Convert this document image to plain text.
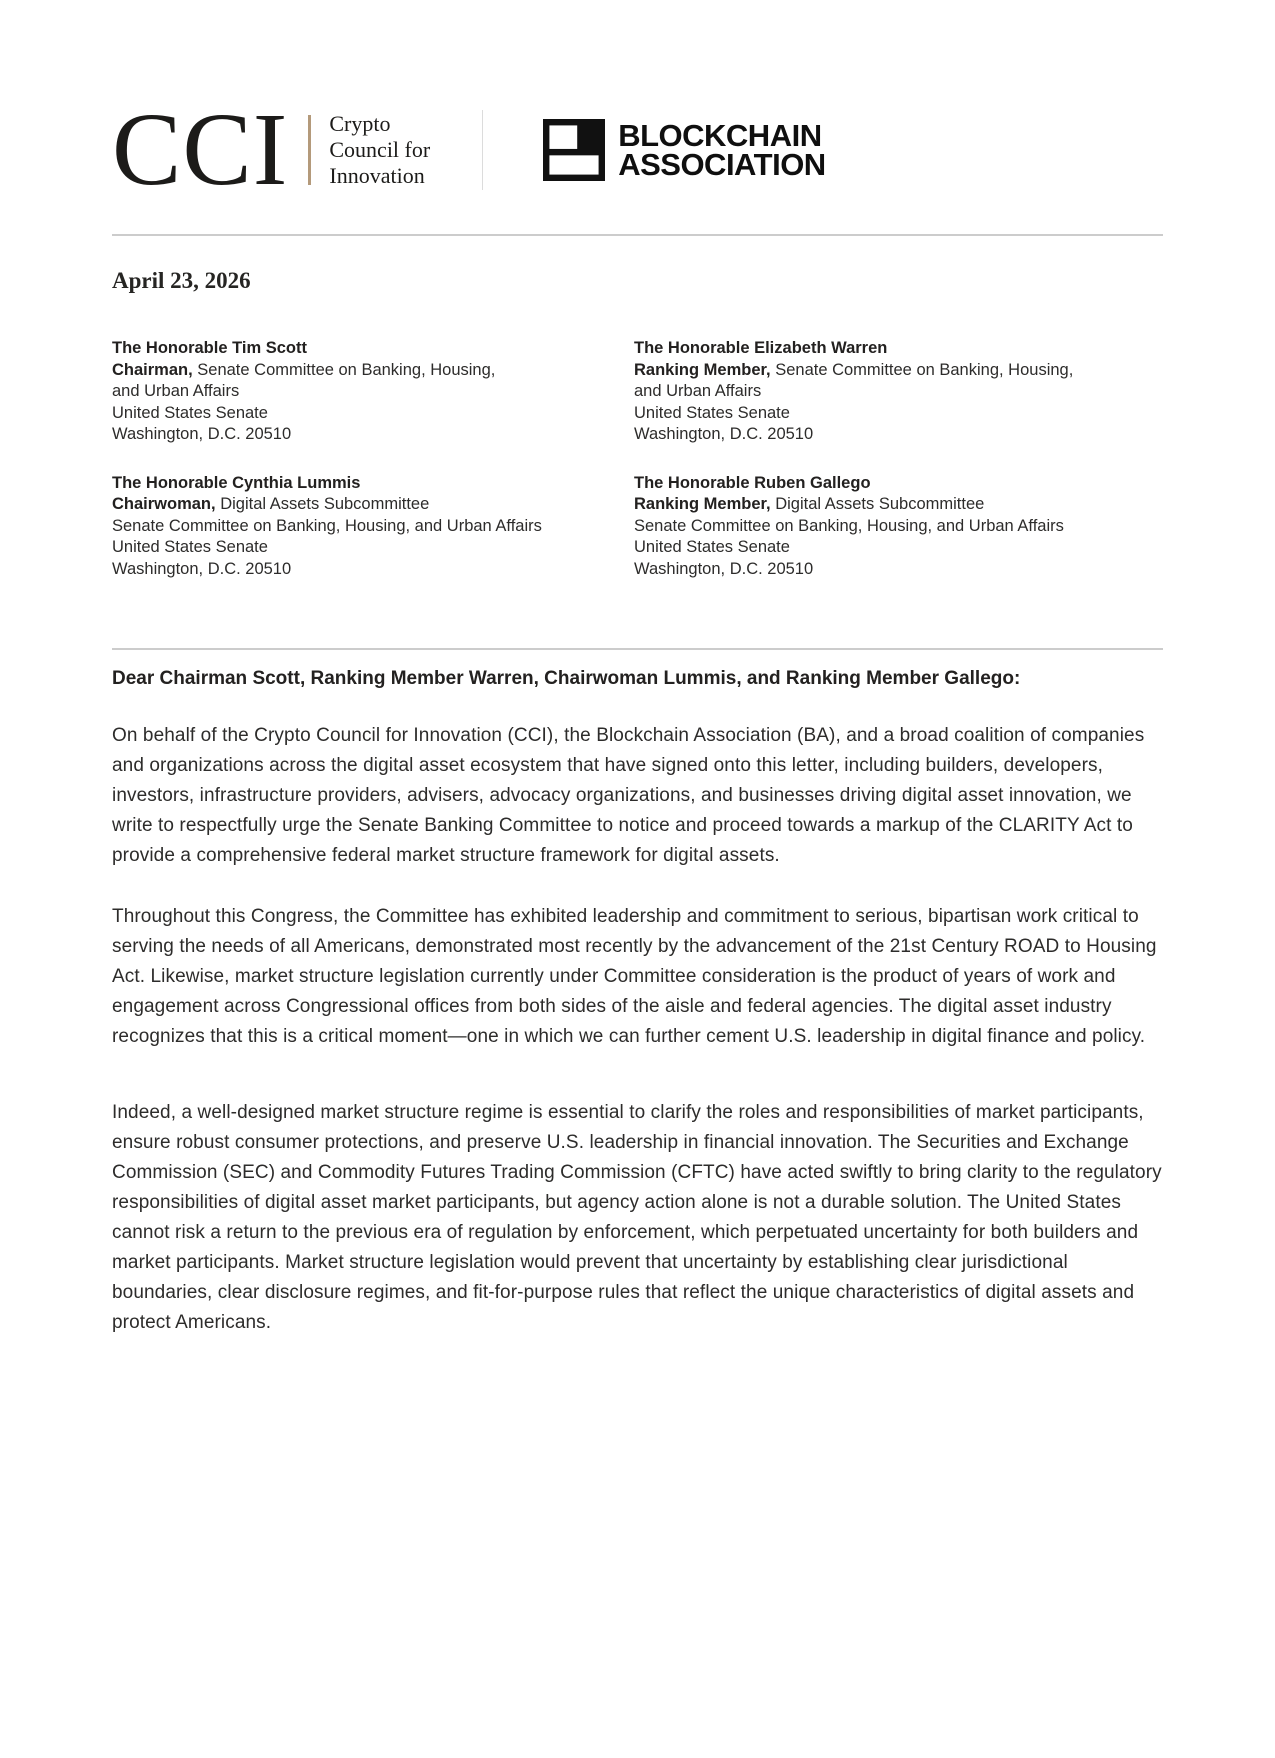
CCI Crypto
Council for
Innovation
BLOCKCHAIN
ASSOCIATION
April 23, 2026
The Honorable Tim Scott
Chairman, Senate Committee on Banking, Housing,
and Urban Affairs
United States Senate
Washington, D.C. 20510
The Honorable Elizabeth Warren
Ranking Member, Senate Committee on Banking, Housing,
and Urban Affairs
United States Senate
Washington, D.C. 20510
The Honorable Cynthia Lummis
Chairwoman, Digital Assets Subcommittee
Senate Committee on Banking, Housing, and Urban Affairs
United States Senate
Washington, D.C. 20510
The Honorable Ruben Gallego
Ranking Member, Digital Assets Subcommittee
Senate Committee on Banking, Housing, and Urban Affairs
United States Senate
Washington, D.C. 20510

Dear Chairman Scott, Ranking Member Warren, Chairwoman Lummis, and Ranking Member Gallego:

On behalf of the Crypto Council for Innovation (CCI), the Blockchain Association (BA), and a broad coalition of companies and organizations across the digital asset ecosystem that have signed onto this letter, including builders, developers, investors, infrastructure providers, advisers, advocacy organizations, and businesses driving digital asset innovation, we write to respectfully urge the Senate Banking Committee to notice and proceed towards a markup of the CLARITY Act to provide a comprehensive federal market structure framework for digital assets.

Throughout this Congress, the Committee has exhibited leadership and commitment to serious, bipartisan work critical to serving the needs of all Americans, demonstrated most recently by the advancement of the 21st Century ROAD to Housing Act. Likewise, market structure legislation currently under Committee consideration is the product of years of work and engagement across Congressional offices from both sides of the aisle and federal agencies. The digital asset industry recognizes that this is a critical moment—one in which we can further cement U.S. leadership in digital finance and policy.

Indeed, a well-designed market structure regime is essential to clarify the roles and responsibilities of market participants, ensure robust consumer protections, and preserve U.S. leadership in financial innovation. The Securities and Exchange Commission (SEC) and Commodity Futures Trading Commission (CFTC) have acted swiftly to bring clarity to the regulatory responsibilities of digital asset market participants, but agency action alone is not a durable solution. The United States cannot risk a return to the previous era of regulation by enforcement, which perpetuated uncertainty for both builders and market participants. Market structure legislation would prevent that uncertainty by establishing clear jurisdictional boundaries, clear disclosure regimes, and fit-for-purpose rules that reflect the unique characteristics of digital assets and protect Americans.
